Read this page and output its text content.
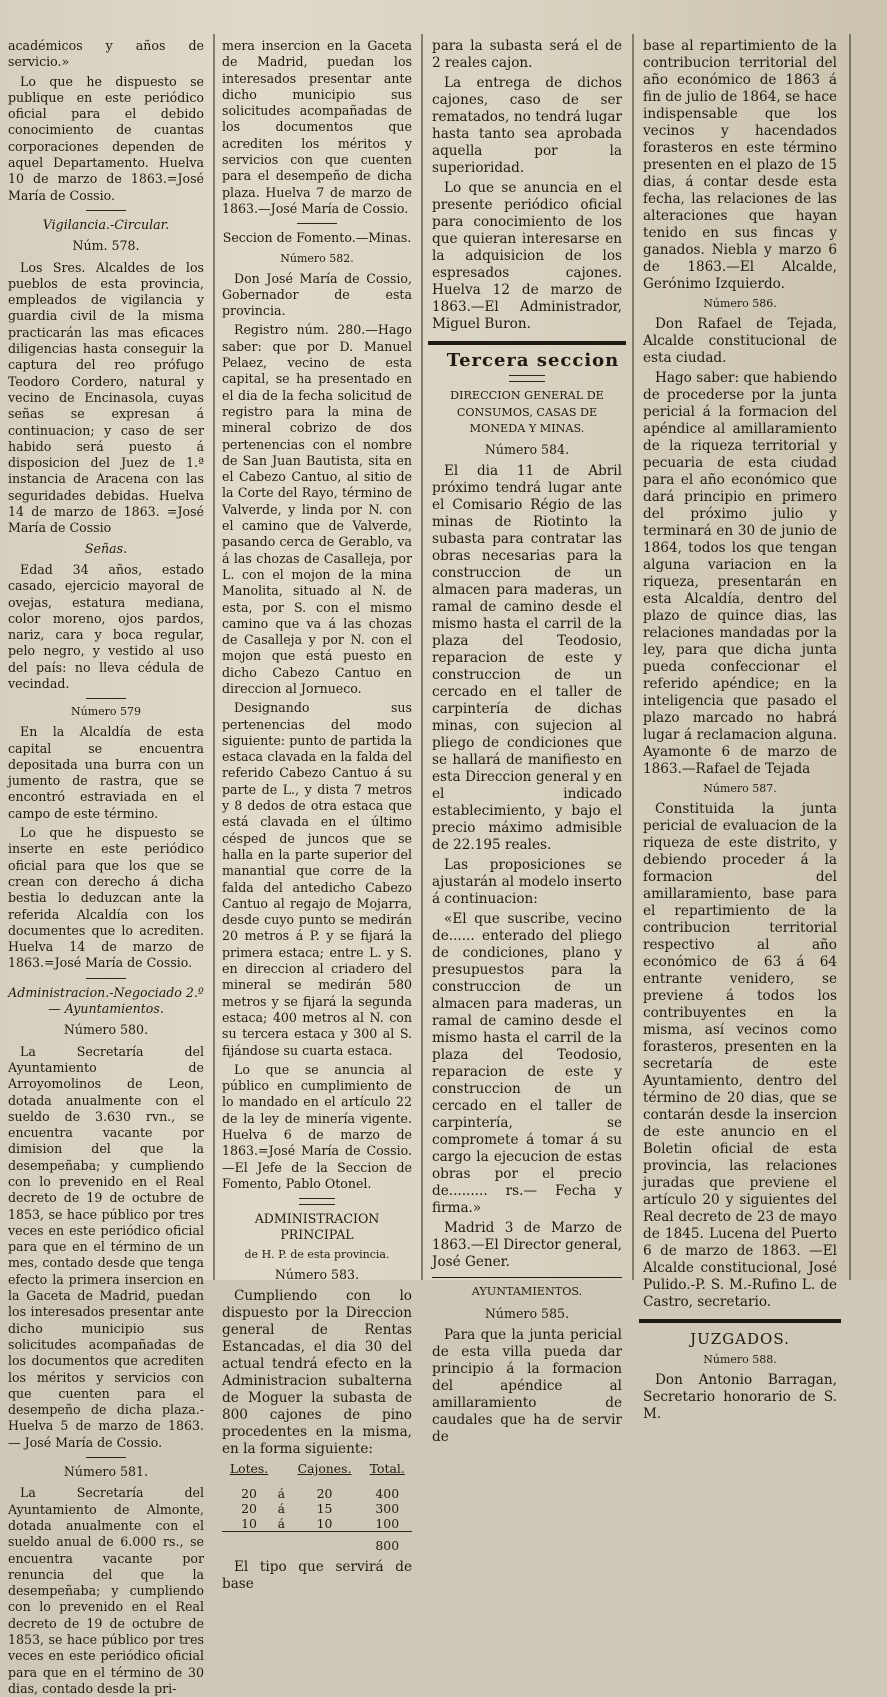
académicos y años de servicio.»

Lo que he dispuesto se publique en este periódico oficial para el debido conocimiento de cuantas corporaciones dependen de aquel Departamento. Huelva 10 de marzo de 1863.=José María de Cossio.

Vigilancia.-Circular.

Núm. 578.

Los Sres. Alcaldes de los pueblos de esta provincia, empleados de vigilancia y guardia civil de la misma practicarán las mas eficaces diligencias hasta conseguir la captura del reo prófugo Teodoro Cordero, natural y vecino de Encinasola, cuyas señas se expresan á continuacion; y caso de ser habido será puesto á disposicion del Juez de 1.ª instancia de Aracena con las seguridades debidas. Huelva 14 de marzo de 1863. =José María de Cossio

Señas.

Edad 34 años, estado casado, ejercicio mayoral de ovejas, estatura mediana, color moreno, ojos pardos, nariz, cara y boca regular, pelo negro, y vestido al uso del país: no lleva cédula de vecindad.

Número 579

En la Alcaldía de esta capital se encuentra depositada una burra con un jumento de rastra, que se encontró estraviada en el campo de este término.

Lo que he dispuesto se inserte en este periódico oficial para que los que se crean con derecho á dicha bestia lo deduzcan ante la referida Alcaldía con los documentes que lo acrediten. Huelva 14 de marzo de 1863.=José María de Cossio.

Administracion.-Negociado 2.º— Ayuntamientos.

Número 580.

La Secretaría del Ayuntamiento de Arroyomolinos de Leon, dotada anualmente con el sueldo de 3.630 rvn., se encuentra vacante por dimision del que la desempeñaba; y cumpliendo con lo prevenido en el Real decreto de 19 de octubre de 1853, se hace público por tres veces en este periódico oficial para que en el término de un mes, contado desde que tenga efecto la primera insercion en la Gaceta de Madrid, puedan los interesados presentar ante dicho municipio sus solicitudes acompañadas de los documentos que acrediten los méritos y servicios con que cuenten para el desempeño de dicha plaza.-Huelva 5 de marzo de 1863. — José María de Cossio.

Número 581.

La Secretaría del Ayuntamiento de Almonte, dotada anualmente con el sueldo anual de 6.000 rs., se encuentra vacante por renuncia del que la desempeñaba; y cumpliendo con lo prevenido en el Real decreto de 19 de octubre de 1853, se hace público por tres veces en este periódico oficial para que en el término de 30 dias, contado desde la pri-

mera insercion en la Gaceta de Madrid, puedan los interesados presentar ante dicho municipio sus solicitudes acompañadas de los documentos que acrediten los méritos y servicios con que cuenten para el desempeño de dicha plaza. Huelva 7 de marzo de 1863.—José María de Cossio.

Seccion de Fomento.—Minas.

Número 582.

Don José María de Cossio, Gobernador de esta provincia.

Registro núm. 280.—Hago saber: que por D. Manuel Pelaez, vecino de esta capital, se ha presentado en el dia de la fecha solicitud de registro para la mina de mineral cobrizo de dos pertenencias con el nombre de San Juan Bautista, sita en el Cabezo Cantuo, al sitio de la Corte del Rayo, término de Valverde, y linda por N. con el camino que de Valverde, pasando cerca de Gerablo, va á las chozas de Casalleja, por L. con el mojon de la mina Manolita, situado al N. de esta, por S. con el mismo camino que va á las chozas de Casalleja y por N. con el mojon que está puesto en dicho Cabezo Cantuo en direccion al Jornueco.

Designando sus pertenencias del modo siguiente: punto de partida la estaca clavada en la falda del referido Cabezo Cantuo á su parte de L., y dista 7 metros y 8 dedos de otra estaca que está clavada en el último césped de juncos que se halla en la parte superior del manantial que corre de la falda del antedicho Cabezo Cantuo al regajo de Mojarra, desde cuyo punto se medirán 20 metros á P. y se fijará la primera estaca; entre L. y S. en direccion al criadero del mineral se medirán 580 metros y se fijará la segunda estaca; 400 metros al N. con su tercera estaca y 300 al S. fijándose su cuarta estaca.

Lo que se anuncia al público en cumplimiento de lo mandado en el artículo 22 de la ley de minería vigente. Huelva 6 de marzo de 1863.=José María de Cossio.—El Jefe de la Seccion de Fomento, Pablo Otonel.

ADMINISTRACION PRINCIPAL

de H. P. de esta provincia.

Número 583.

Cumpliendo con lo dispuesto por la Direccion general de Rentas Estancadas, el dia 30 del actual tendrá efecto en la Administracion subalterna de Moguer la subasta de 800 cajones de pino procedentes en la misma, en la forma siguiente:

Lotes.		Cajones.	Total.

20	á	20	400
20	á	15	300
10	á	10	100
			800

El tipo que servirá de base

para la subasta será el de 2 reales cajon.

La entrega de dichos cajones, caso de ser rematados, no tendrá lugar hasta tanto sea aprobada aquella por la superioridad.

Lo que se anuncia en el presente periódico oficial para conocimiento de los que quieran interesarse en la adquisicion de los espresados cajones. Huelva 12 de marzo de 1863.—El Administrador, Miguel Buron.

Tercera seccion

DIRECCION GENERAL DE CONSUMOS, CASAS DE MONEDA Y MINAS.

Número 584.

El dia 11 de Abril próximo tendrá lugar ante el Comisario Régio de las minas de Riotinto la subasta para contratar las obras necesarias para la construccion de un almacen para maderas, un ramal de camino desde el mismo hasta el carril de la plaza del Teodosio, reparacion de este y construccion de un cercado en el taller de carpintería de dichas minas, con sujecion al pliego de condiciones que se hallará de manifiesto en esta Direccion general y en el indicado establecimiento, y bajo el precio máximo admisible de 22.195 reales.

Las proposiciones se ajustarán al modelo inserto á continuacion:

«El que suscribe, vecino de...... enterado del pliego de condiciones, plano y presupuestos para la construccion de un almacen para maderas, un ramal de camino desde el mismo hasta el carril de la plaza del Teodosio, reparacion de este y construccion de un cercado en el taller de carpintería, se compromete á tomar á su cargo la ejecucion de estas obras por el precio de......... rs.— Fecha y firma.»

Madrid 3 de Marzo de 1863.—El Director general, José Gener.

AYUNTAMIENTOS.

Número 585.

Para que la junta pericial de esta villa pueda dar principio á la formacion del apéndice al amillaramiento de caudales que ha de servir de

base al repartimiento de la contribucion territorial del año económico de 1863 á fin de julio de 1864, se hace indispensable que los vecinos y hacendados forasteros en este término presenten en el plazo de 15 dias, á contar desde esta fecha, las relaciones de las alteraciones que hayan tenido en sus fincas y ganados. Niebla y marzo 6 de 1863.—El Alcalde, Gerónimo Izquierdo.

Número 586.

Don Rafael de Tejada, Alcalde constitucional de esta ciudad.

Hago saber: que habiendo de procederse por la junta pericial á la formacion del apéndice al amillaramiento de la riqueza territorial y pecuaria de esta ciudad para el año económico que dará principio en primero del próximo julio y terminará en 30 de junio de 1864, todos los que tengan alguna variacion en la riqueza, presentarán en esta Alcaldía, dentro del plazo de quince dias, las relaciones mandadas por la ley, para que dicha junta pueda confeccionar el referido apéndice; en la inteligencia que pasado el plazo marcado no habrá lugar á reclamacion alguna. Ayamonte 6 de marzo de 1863.—Rafael de Tejada

Número 587.

Constituida la junta pericial de evaluacion de la riqueza de este distrito, y debiendo proceder á la formacion del amillaramiento, base para el repartimiento de la contribucion territorial respectivo al año económico de 63 á 64 entrante venidero, se previene á todos los contribuyentes en la misma, así vecinos como forasteros, presenten en la secretaría de este Ayuntamiento, dentro del término de 20 dias, que se contarán desde la insercion de este anuncio en el Boletin oficial de esta provincia, las relaciones juradas que previene el artículo 20 y siguientes del Real decreto de 23 de mayo de 1845. Lucena del Puerto 6 de marzo de 1863. —El Alcalde constitucional, José Pulido.-P. S. M.-Rufino L. de Castro, secretario.

JUZGADOS.

Número 588.

Don Antonio Barragan, Secretario honorario de S. M.
